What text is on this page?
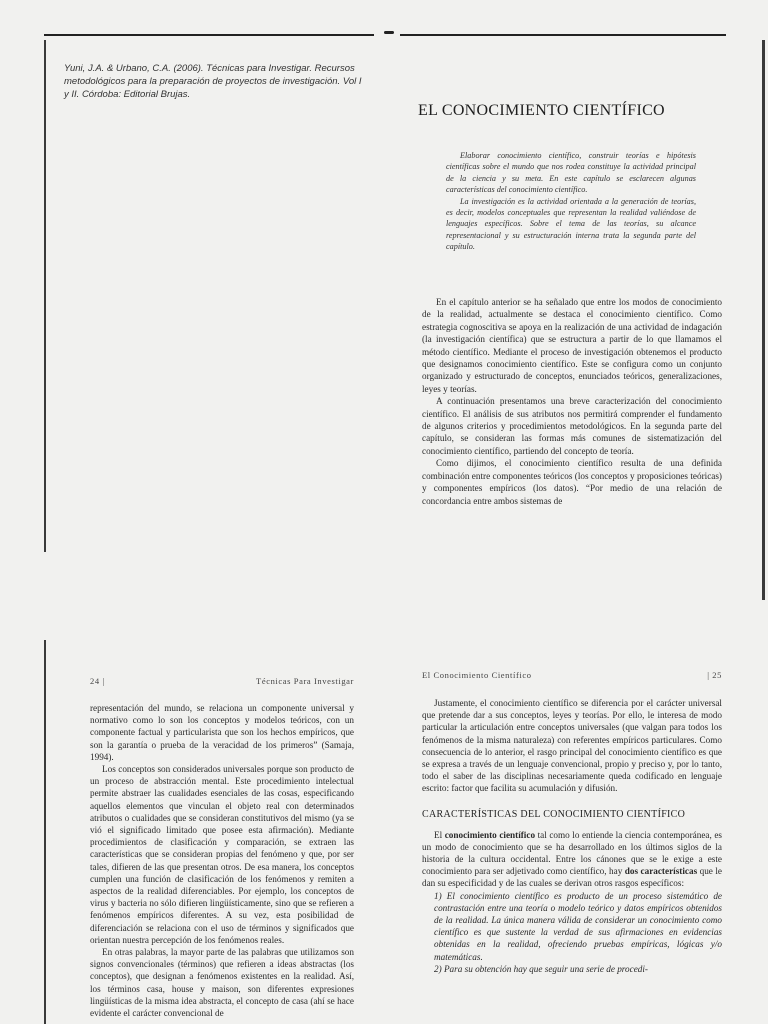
Yuni, J.A. & Urbano, C.A. (2006). Técnicas para Investigar. Recursos metodológicos para la preparación de proyectos de investigación. Vol I y II. Córdoba: Editorial Brujas.
EL CONOCIMIENTO CIENTÍFICO

Elaborar conocimiento científico, construir teorías e hipótesis científicas sobre el mundo que nos rodea constituye la actividad principal de la ciencia y su meta. En este capítulo se esclarecen algunas características del conocimiento científico.

La investigación es la actividad orientada a la generación de teorías, es decir, modelos conceptuales que representan la realidad valiéndose de lenguajes específicos. Sobre el tema de las teorías, su alcance representacional y su estructuración interna trata la segunda parte del capítulo.

En el capítulo anterior se ha señalado que entre los modos de conocimiento de la realidad, actualmente se destaca el conocimiento científico. Como estrategia cognoscitiva se apoya en la realización de una actividad de indagación (la investigación científica) que se estructura a partir de lo que llamamos el método científico. Mediante el proceso de investigación obtenemos el producto que designamos conocimiento científico. Este se configura como un conjunto organizado y estructurado de conceptos, enunciados teóricos, generalizaciones, leyes y teorías.

A continuación presentamos una breve caracterización del conocimiento científico. El análisis de sus atributos nos permitirá comprender el fundamento de algunos criterios y procedimientos metodológicos. En la segunda parte del capítulo, se consideran las formas más comunes de sistematización del conocimiento científico, partiendo del concepto de teoría.

Como dijimos, el conocimiento científico resulta de una definida combinación entre componentes teóricos (los conceptos y proposiciones teóricas) y componentes empíricos (los datos). “Por medio de una relación de concordancia entre ambos sistemas de

24 |	Técnicas Para Investigar
El Conocimiento Científico	| 25

representación del mundo, se relaciona un componente universal y normativo como lo son los conceptos y modelos teóricos, con un componente factual y particularista que son los hechos empíricos, que son la garantía o prueba de la veracidad de los primeros” (Samaja, 1994).

Los conceptos son considerados universales porque son producto de un proceso de abstracción mental. Este procedimiento intelectual permite abstraer las cualidades esenciales de las cosas, especificando aquellos elementos que vinculan el objeto real con determinados atributos o cualidades que se consideran constitutivos del mismo (ya se vió el significado limitado que posee esta afirmación). Mediante procedimientos de clasificación y comparación, se extraen las características que se consideran propias del fenómeno y que, por ser tales, difieren de las que presentan otros. De esa manera, los conceptos cumplen una función de clasificación de los fenómenos y remiten a aspectos de la realidad diferenciables. Por ejemplo, los conceptos de virus y bacteria no sólo difieren lingüísticamente, sino que se refieren a fenómenos empíricos diferentes. A su vez, esta posibilidad de diferenciación se relaciona con el uso de términos y significados que orientan nuestra percepción de los fenómenos reales.

En otras palabras, la mayor parte de las palabras que utilizamos son signos convencionales (términos) que refieren a ideas abstractas (los conceptos), que designan a fenómenos existentes en la realidad. Así, los términos casa, house y maison, son diferentes expresiones lingüísticas de la misma idea abstracta, el concepto de casa (ahí se hace evidente el carácter convencional de

Justamente, el conocimiento científico se diferencia por el carácter universal que pretende dar a sus conceptos, leyes y teorías. Por ello, le interesa de modo particular la articulación entre conceptos universales (que valgan para todos los fenómenos de la misma naturaleza) con referentes empíricos particulares. Como consecuencia de lo anterior, el rasgo principal del conocimiento científico es que se expresa a través de un lenguaje convencional, propio y preciso y, por lo tanto, todo el saber de las disciplinas necesariamente queda codificado en lenguaje escrito: factor que facilita su acumulación y difusión.

CARACTERÍSTICAS DEL CONOCIMIENTO CIENTÍFICO

El conocimiento científico tal como lo entiende la ciencia contemporánea, es un modo de conocimiento que se ha desarrollado en los últimos siglos de la historia de la cultura occidental. Entre los cánones que se le exige a este conocimiento para ser adjetivado como científico, hay dos características que le dan su especificidad y de las cuales se derivan otros rasgos específicos:

1) El conocimiento científico es producto de un proceso sistemático de contrastación entre una teoría o modelo teórico y datos empíricos obtenidos de la realidad. La única manera válida de considerar un conocimiento como científico es que sustente la verdad de sus afirmaciones en evidencias obtenidas en la realidad, ofreciendo pruebas empíricas, lógicas y/o matemáticas.

2) Para su obtención hay que seguir una serie de procedi-
